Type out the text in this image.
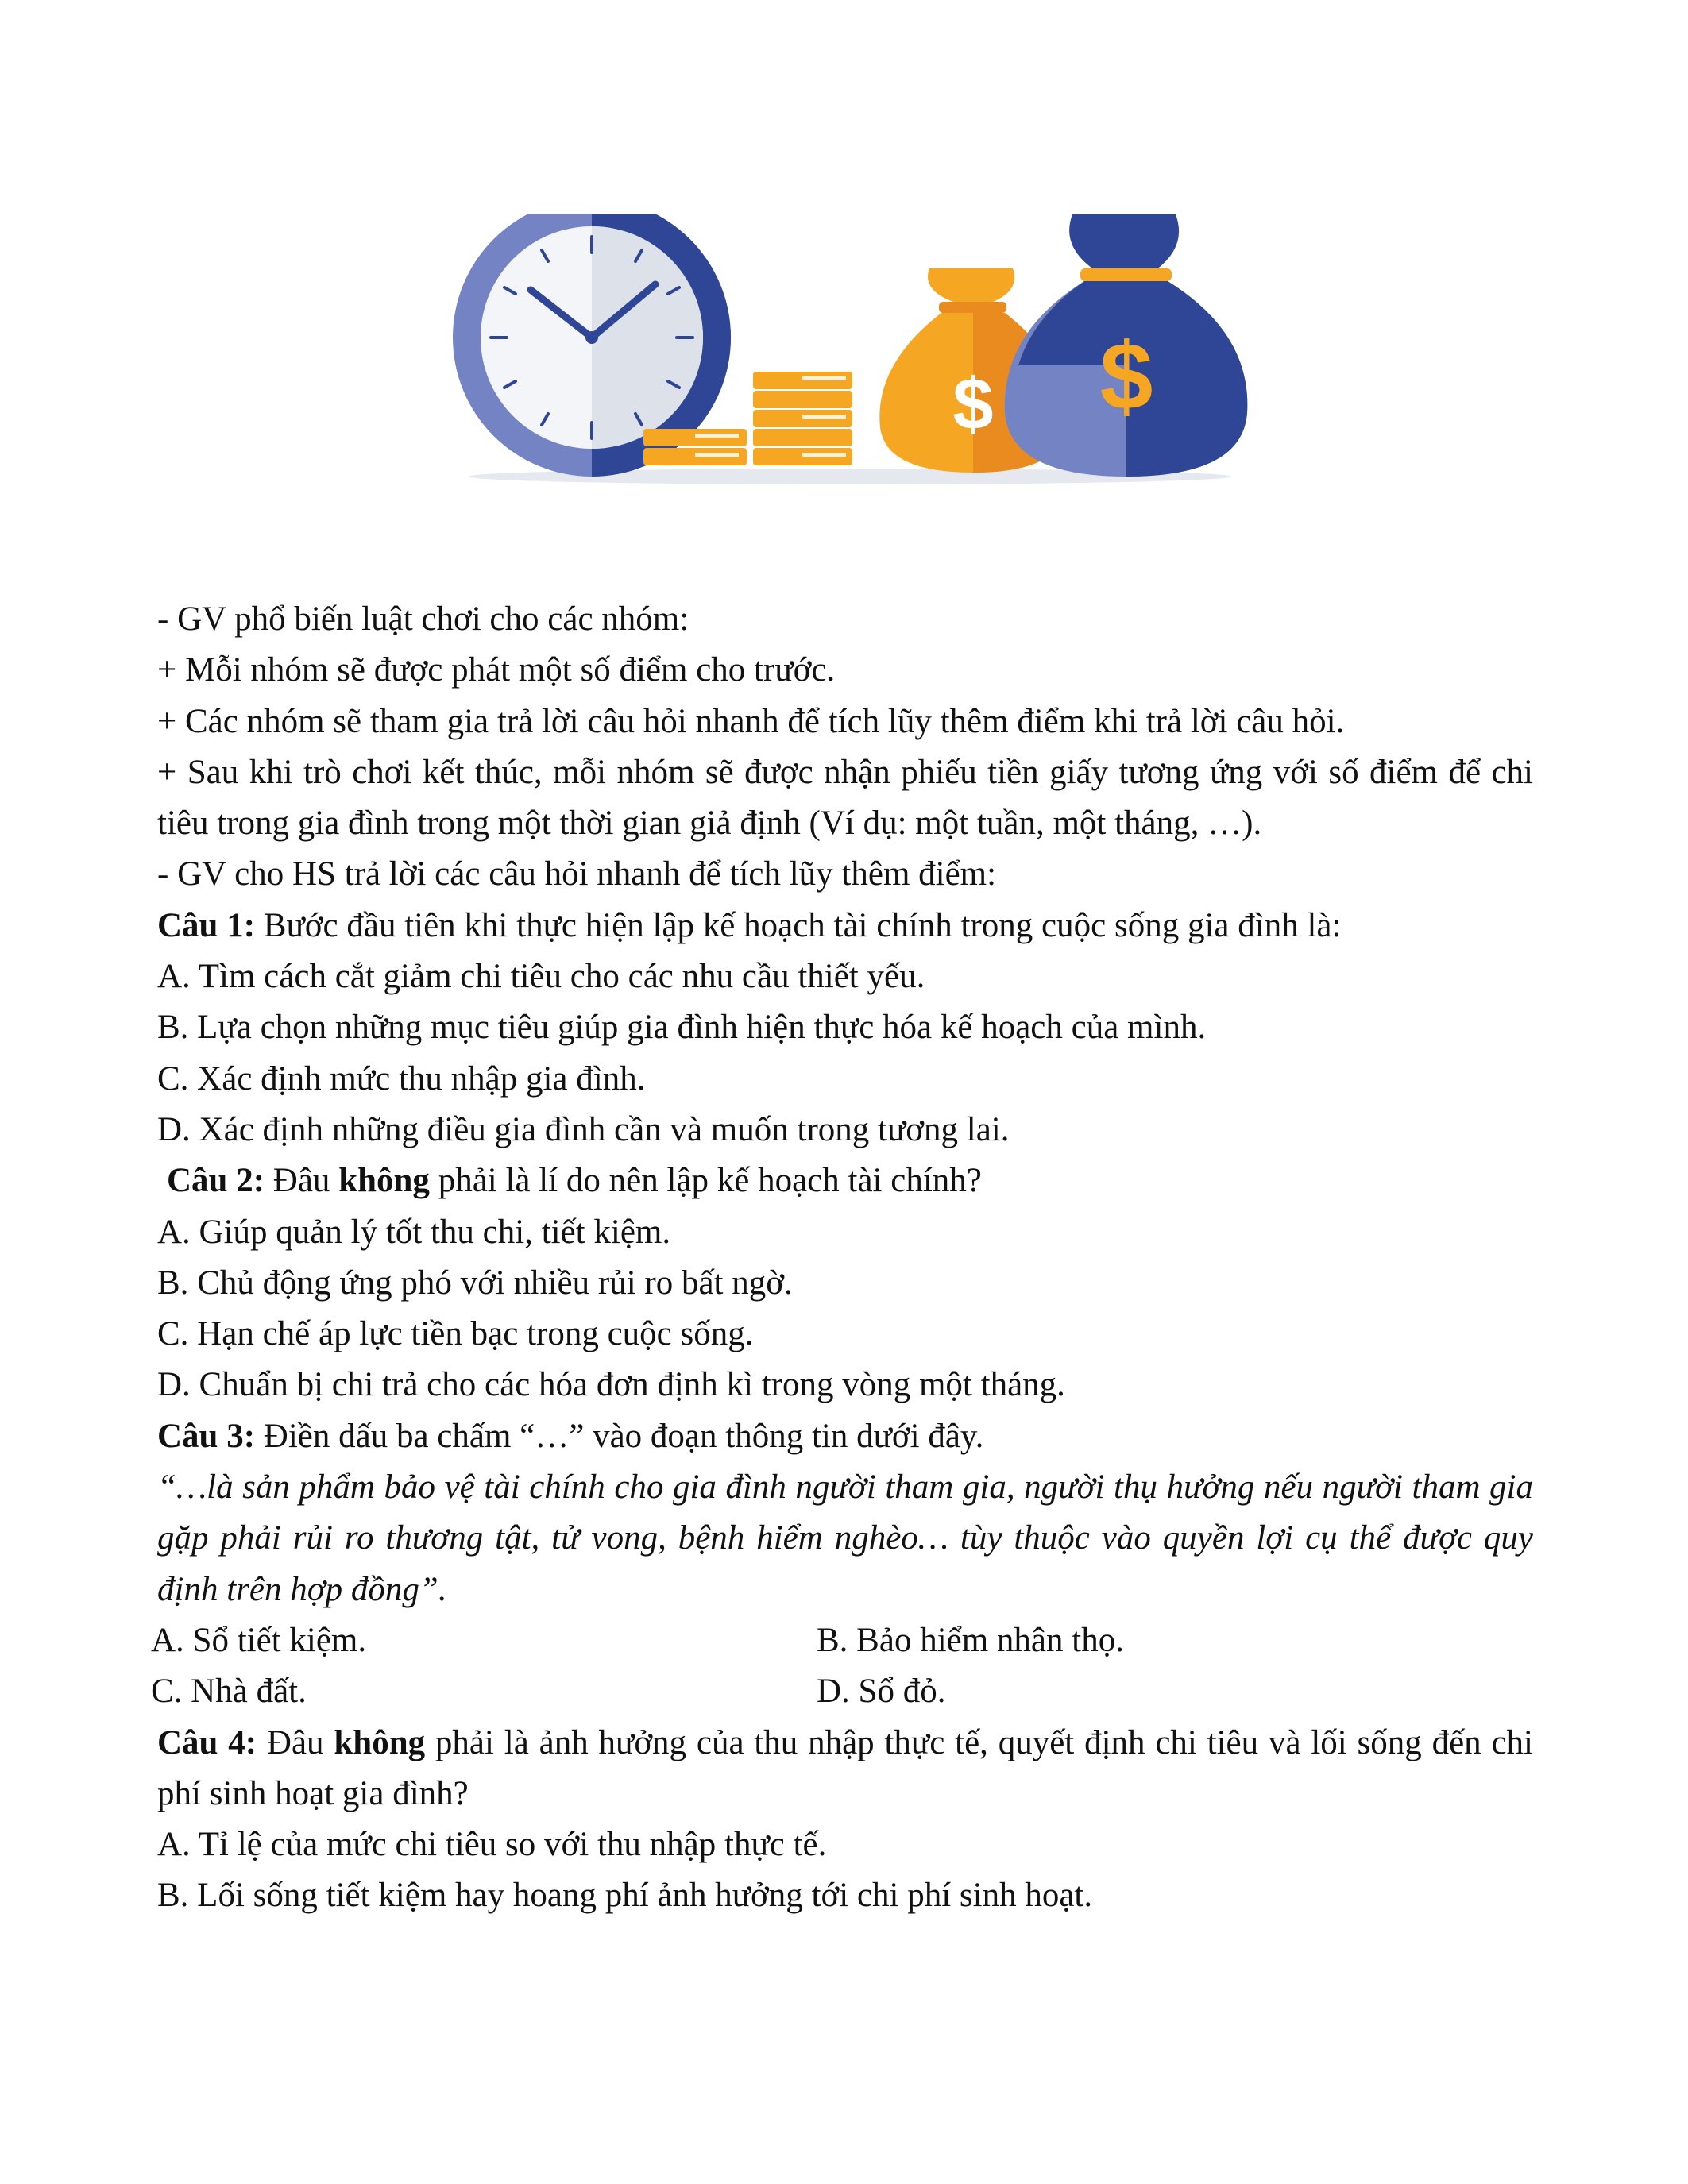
$ $

- GV phổ biến luật chơi cho các nhóm:

+ Mỗi nhóm sẽ được phát một số điểm cho trước.

+ Các nhóm sẽ tham gia trả lời câu hỏi nhanh để tích lũy thêm điểm khi trả lời câu hỏi.

+ Sau khi trò chơi kết thúc, mỗi nhóm sẽ được nhận phiếu tiền giấy tương ứng với số điểm để chi tiêu trong gia đình trong một thời gian giả định (Ví dụ: một tuần, một tháng, …).

- GV cho HS trả lời các câu hỏi nhanh để tích lũy thêm điểm:

Câu 1: Bước đầu tiên khi thực hiện lập kế hoạch tài chính trong cuộc sống gia đình là:

A. Tìm cách cắt giảm chi tiêu cho các nhu cầu thiết yếu.

B. Lựa chọn những mục tiêu giúp gia đình hiện thực hóa kế hoạch của mình.

C. Xác định mức thu nhập gia đình.

D. Xác định những điều gia đình cần và muốn trong tương lai.

Câu 2: Đâu không phải là lí do nên lập kế hoạch tài chính?

A. Giúp quản lý tốt thu chi, tiết kiệm.

B. Chủ động ứng phó với nhiều rủi ro bất ngờ.

C. Hạn chế áp lực tiền bạc trong cuộc sống.

D. Chuẩn bị chi trả cho các hóa đơn định kì trong vòng một tháng.

Câu 3: Điền dấu ba chấm “…” vào đoạn thông tin dưới đây.

“…là sản phẩm bảo vệ tài chính cho gia đình người tham gia, người thụ hưởng nếu người tham gia gặp phải rủi ro thương tật, tử vong, bệnh hiểm nghèo… tùy thuộc vào quyền lợi cụ thể được quy định trên hợp đồng”.

A. Sổ tiết kiệm.	B. Bảo hiểm nhân thọ.
C. Nhà đất.	D. Sổ đỏ.

Câu 4: Đâu không phải là ảnh hưởng của thu nhập thực tế, quyết định chi tiêu và lối sống đến chi phí sinh hoạt gia đình?

A. Tỉ lệ của mức chi tiêu so với thu nhập thực tế.

B. Lối sống tiết kiệm hay hoang phí ảnh hưởng tới chi phí sinh hoạt.
